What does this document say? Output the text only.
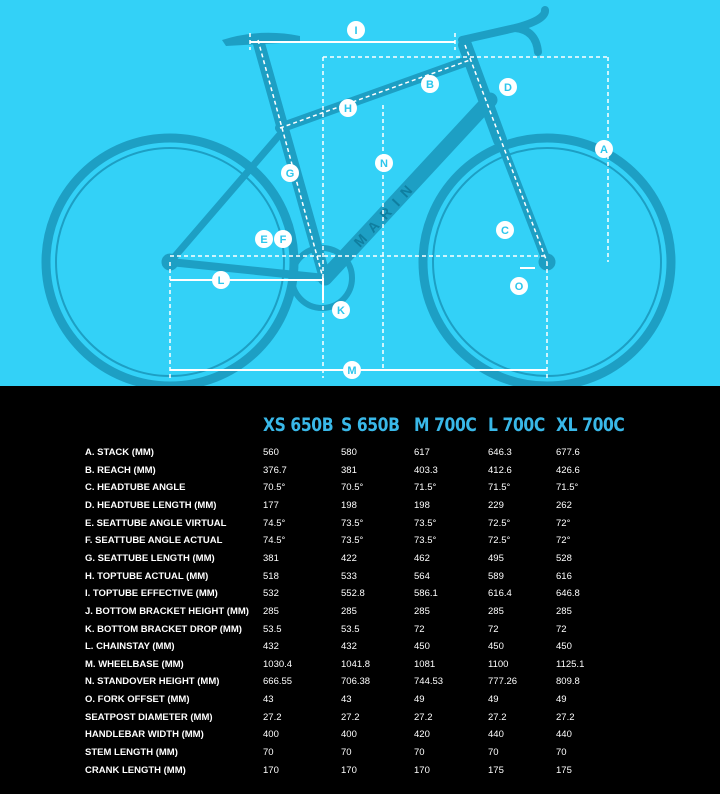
MARIN
A
B
C
D
E F
G
H
I
K
L
M
N
O
XS 650B S 650B M 700C L 700C XL 700C
A. STACK (MM)	560	580	617	646.3	677.6
B. REACH (MM)	376.7	381	403.3	412.6	426.6
C. HEADTUBE ANGLE	70.5°	70.5°	71.5°	71.5°	71.5°
D. HEADTUBE LENGTH (MM)	177	198	198	229	262
E. SEATTUBE ANGLE VIRTUAL	74.5°	73.5°	73.5°	72.5°	72°
F. SEATTUBE ANGLE ACTUAL	74.5°	73.5°	73.5°	72.5°	72°
G. SEATTUBE LENGTH (MM)	381	422	462	495	528
H. TOPTUBE ACTUAL (MM)	518	533	564	589	616
I. TOPTUBE EFFECTIVE (MM)	532	552.8	586.1	616.4	646.8
J. BOTTOM BRACKET HEIGHT (MM) 285	285	285	285	285
K. BOTTOM BRACKET DROP (MM) 53.5	53.5	72	72	72
L. CHAINSTAY (MM)	432	432	450	450	450
M. WHEELBASE (MM)	1030.4	1041.8	1081	1100	1125.1
N. STANDOVER HEIGHT (MM)	666.55	706.38	744.53	777.26	809.8
O. FORK OFFSET (MM)	43	43	49	49	49
SEATPOST DIAMETER (MM)	27.2	27.2	27.2	27.2	27.2
HANDLEBAR WIDTH (MM)	400	400	420	440	440
STEM LENGTH (MM)	70	70	70	70	70
CRANK LENGTH (MM)	170	170	170	175	175
